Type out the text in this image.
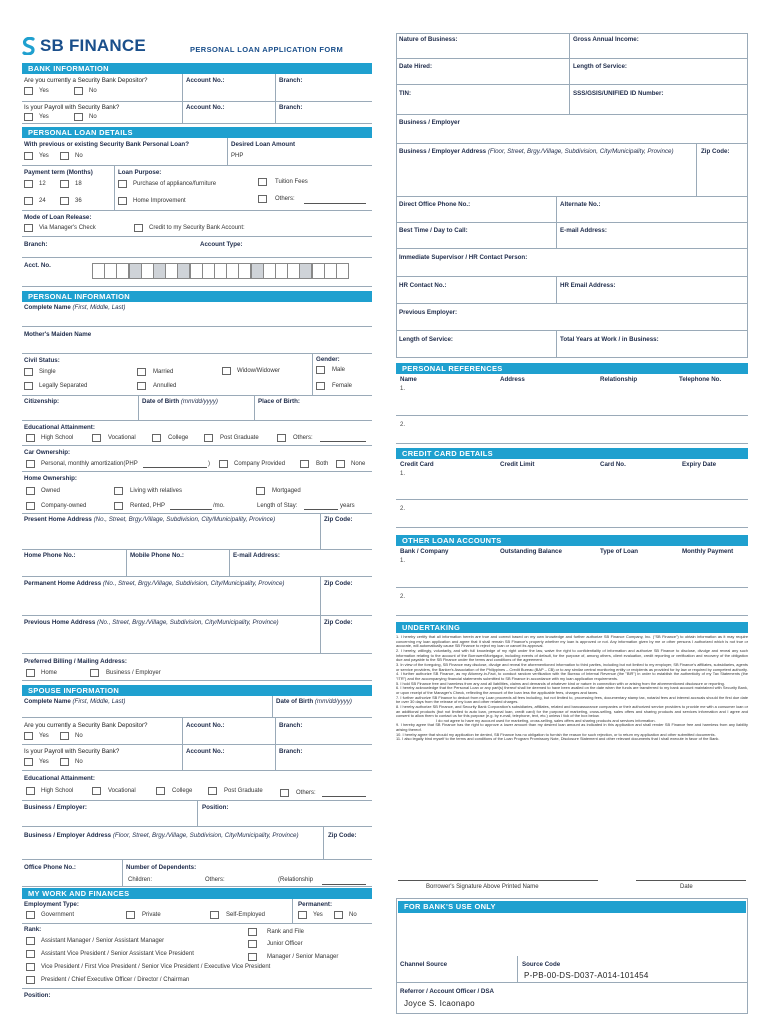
SB FINANCE	PERSONAL LOAN APPLICATION FORM
BANK INFORMATION
Are you currently a Security Bank Depositor?
Yes	No
Account No.:	Branch:
Is your Payroll with Security Bank?
Yes	No
Account No.:	Branch:
PERSONAL LOAN DETAILS
With previous or existing Security Bank Personal Loan?
Yes	No
Desired Loan Amount
PHP
Payment term (Months)
12	18
24	36
Loan Purpose:
Purchase of appliance/furniture	Tuition Fees
Home Improvement	Others:
Mode of Loan Release:
Via Manager's Check	Credit to my Security Bank Account:
Branch:	Account Type:
Acct. No.
PERSONAL INFORMATION
Complete Name (First, Middle, Last)
Mother's Maiden Name
Civil Status:
Single	Married	Widow/Widower
Legally Separated	Annulled
Gender:
Male
Female
Citizenship:	Date of Birth (mm/dd/yyyy)	Place of Birth:
Educational Attainment:
High School	Vocational	College	Post Graduate	Others:
Car Ownership:
Personal, monthly amortization(PHP	)	Company Provided	Both	None
Home Ownership:
Owned	Living with relatives	Mortgaged
Company-owned	Rented, PHP	/mo.	Length of Stay:	years
Present Home Address (No., Street, Brgy./Village, Subdivision, City/Municipality, Province)	Zip Code:
Home Phone No.:	Mobile Phone No.:	E-mail Address:
Permanent Home Address (No., Street, Brgy./Village, Subdivision, City/Municipality, Province)	Zip Code:
Previous Home Address (No., Street, Brgy./Village, Subdivision, City/Municipality, Province)	Zip Code:
Preferred Billing / Mailing Address:
Home	Business / Employer
SPOUSE INFORMATION
Complete Name (First, Middle, Last)	Date of Birth (mm/dd/yyyy)
Are you currently a Security Bank Depositor?
Yes	No
Account No.:	Branch:
Is your Payroll with Security Bank?
Yes	No
Account No.:	Branch:
Educational Attainment:
High School	Vocational	College	Post Graduate	Others:
Business / Employer:	Position:
Business / Employer Address (Floor, Street, Brgy./Village, Subdivision, City/Municipality, Province)	Zip Code:
Office Phone No.:	Number of Dependents:
Children:	Others:	(Relationship
MY WORK AND FINANCES
Employment Type:
Government	Private	Self-Employed
Permanent:
Yes	No
Rank:
Assistant Manager / Senior Assistant Manager
Assistant Vice President / Senior Assistant Vice President
Vice President / First Vice President / Senior Vice President / Executive Vice President
President / Chief Executive Officer / Director / Chairman
Rank and File
Junior Officer
Manager / Senior Manager
Position:
Nature of Business:	Gross Annual Income:
Date Hired:	Length of Service:
TIN:	SSS/GSIS/UNIFIED ID Number:
Business / Employer
Business / Employer Address (Floor, Street, Brgy./Village, Subdivision, City/Municipality, Province)	Zip Code:
Direct Office Phone No.:	Alternate No.:
Best Time / Day to Call:	E-mail Address:
Immediate Supervisor / HR Contact Person:
HR Contact No.:	HR Email Address:
Previous Employer:
Length of Service:	Total Years at Work / in Business:
PERSONAL REFERENCES
Name	Address	Relationship	Telephone No.
1.
2.
CREDIT CARD DETAILS
Credit Card	Credit Limit	Card No.	Expiry Date
1.
2.
OTHER LOAN ACCOUNTS
Bank / Company	Outstanding Balance	Type of Loan	Monthly Payment
1.
2.
UNDERTAKING

1. I hereby certify that all information herein are true and correct based on my own knowledge and further authorize SB Finance Company, Inc. ("SB Finance") to obtain information as it may require concerning my loan application and agree that it shall remain SB Finance's property whether my loan is approved or not. Any information given by me or other persons I authorized which is not true or accurate, will automatically cause SB Finance to reject my loan or cancel its approval.

2. I hereby, willingly, voluntarily, and with full knowledge of my right under the law, waive the right to confidentiality of information and authorize SB Finance to disclose, divulge and reveal any such information relating to the account of the Borrower/Mortgagor, including events of default, for the purpose of, among others, client evaluation, credit reporting or verification and recovery of the obligation due and payable to the SB Finance under the terms and conditions of the agreement.

3. In view of the foregoing, SB Finance may disclose, divulge and reveal the aforementioned information to third parties, including but not limited to my employer, SB Finance's affiliates, subsidiaries, agents or service providers, the Banker's Association of the Philippines – Credit Bureau (BAP – CB) or to any similar central monitoring entity or recipients as provided for by law or required by competent authority.

4. I further authorize SB Finance, as my Attorney-in-Fact, to conduct random verification with the Bureau of Internal Revenue (the "BIR") in order to establish the authenticity of my Tax Statements (the "ITR") and the accompanying financial statements submitted to SB Finance in accordance with my loan application requirements.

5. I hold SB Finance free and harmless from any and all liabilities, claims and demands of whatever kind or nature in connection with or arising from the aforementioned disclosure or reporting.

6. I hereby acknowledge that the Personal Loan or any part(s) thereof shall be deemed to have been availed on the date when the funds are transferred to my bank account maintained with Security Bank, or upon receipt of the Manager's Check, reflecting the amount of the loan less the applicable fees, charges and taxes.

7. I further authorize SB Finance to deduct from my Loan proceeds all fees including, but not limited to, processing fees, documentary stamp tax, notarial fees and interest accruals should the first due date be over 30 days from the release of my loan and other related charges.

8. I hereby authorize SB Finance, and Security Bank Corporation's subsidiaries, affiliates, related and bancassurance companies or their authorized service providers to provide me with a consumer loan or an additional products (but not limited to auto loan, personal loan, credit card) for the purpose of marketing, cross-selling, sales offers and sharing products and services information and I agree and consent to allow them to contact us for this purpose (e.g. by e-mail, telephone, text, etc.) unless I tick of the box below.

I do not agree to have my account used for marketing, cross-selling, sales offers and sharing products and services information.

9. I hereby agree that SB Finance has the right to approve a lower amount than my desired loan amount as indicated in this application and shall render SB Finance free and harmless from any liability arising thereof.

10. I hereby agree that should my application be denied, SB Finance has no obligation to furnish the reason for such rejection, or to return my application and other submitted documents.

11. I also legally bind myself to the terms and conditions of the Loan Program Promissory Note, Disclosure Statement and other relevant documents that I shall execute in favor of the Bank.

Borrower's Signature Above Printed Name	Date
FOR BANK'S USE ONLY
Channel Source	Source Code
P-PB-00-DS-D037-A014-101454
Referror / Account Officer / DSA
Joyce S. Icaonapo
